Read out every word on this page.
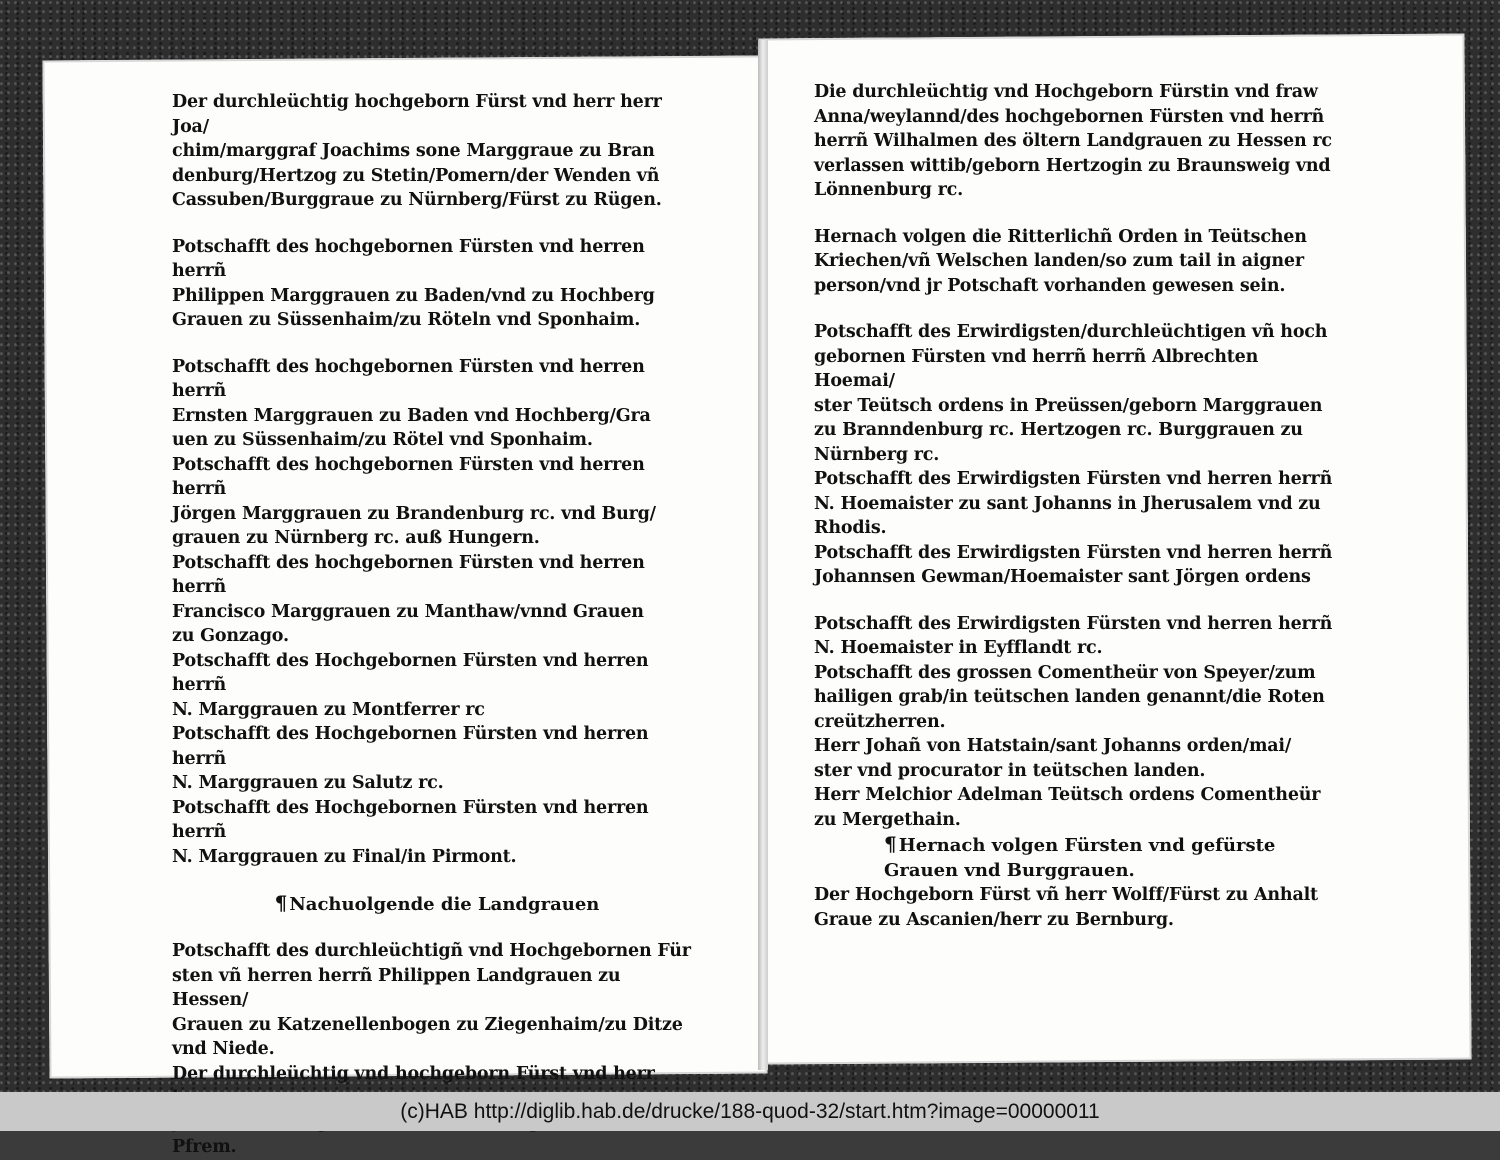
Der durchleüchtig hochgeborn Fürst vnd herr herr Joa/
chim/marggraf Joachims sone Marggraue zu Bran
denburg/Hertzog zu Stetin/Pomern/der Wenden vñ
Cassuben/Burggraue zu Nürnberg/Fürst zu Rügen.

Potschafft des hochgebornen Fürsten vnd herren herrñ
Philippen Marggrauen zu Baden/vnd zu Hochberg
Grauen zu Süssenhaim/zu Röteln vnd Sponhaim.

Potschafft des hochgebornen Fürsten vnd herren herrñ
Ernsten Marggrauen zu Baden vnd Hochberg/Gra
uen zu Süssenhaim/zu Rötel vnd Sponhaim.
Potschafft des hochgebornen Fürsten vnd herren herrñ
Jörgen Marggrauen zu Brandenburg rc. vnd Burg/
grauen zu Nürnberg rc. auß Hungern.
Potschafft des hochgebornen Fürsten vnd herren herrñ
Francisco Marggrauen zu Manthaw/vnnd Grauen
zu Gonzago.
Potschafft des Hochgebornen Fürsten vnd herren herrñ
N. Marggrauen zu Montferrer rc
Potschafft des Hochgebornen Fürsten vnd herren herrñ
N. Marggrauen zu Salutz rc.
Potschafft des Hochgebornen Fürsten vnd herren herrñ
N. Marggrauen zu Final/in Pirmont.

¶ Nachuolgende die Landgrauen

Potschafft des durchleüchtigñ vnd Hochgebornen Für
sten vñ herren herrñ Philippen Landgrauen zu Hessen/
Grauen zu Katzenellenbogen zu Ziegenhaim/zu Ditze
vnd Niede.
Der durchleüchtig vnd hochgeborn Fürst vnd herr

Pfrem.

Die durchleüchtig vnd Hochgeborn Fürstin vnd fraw
Anna/weylannd/des hochgebornen Fürsten vnd herrñ
herrñ Wilhalmen des öltern Landgrauen zu Hessen rc
verlassen wittib/geborn Hertzogin zu Braunsweig vnd
Lönnenburg rc.

Hernach volgen die Ritterlichñ Orden in Teütschen
Kriechen/vñ Welschen landen/so zum tail in aigner
person/vnd jr Potschaft vorhanden gewesen sein.

Potschafft des Erwirdigsten/durchleüchtigen vñ hoch
gebornen Fürsten vnd herrñ herrñ Albrechten Hoemai/
ster Teütsch ordens in Preüssen/geborn Marggrauen
zu Branndenburg rc. Hertzogen rc. Burggrauen zu
Nürnberg rc.
Potschafft des Erwirdigsten Fürsten vnd herren herrñ
N. Hoemaister zu sant Johanns in Jherusalem vnd zu
Rhodis.
Potschafft des Erwirdigsten Fürsten vnd herren herrñ
Johannsen Gewman/Hoemaister sant Jörgen ordens

Potschafft des Erwirdigsten Fürsten vnd herren herrñ
N. Hoemaister in Eyfflandt rc.
Potschafft des grossen Comentheür von Speyer/zum
hailigen grab/in teütschen landen genannt/die Roten
creützherren.
Herr Johañ von Hatstain/sant Johanns orden/mai/
ster vnd procurator in teütschen landen.
Herr Melchior Adelman Teütsch ordens Comentheür
zu Mergethain.

¶ Hernach volgen Fürsten vnd gefürste
Grauen vnd Burggrauen.

Der Hochgeborn Fürst vñ herr Wolff/Fürst zu Anhalt
Graue zu Ascanien/herr zu Bernburg.

(c)HAB http://diglib.hab.de/drucke/188-quod-32/start.htm?image=00000011
